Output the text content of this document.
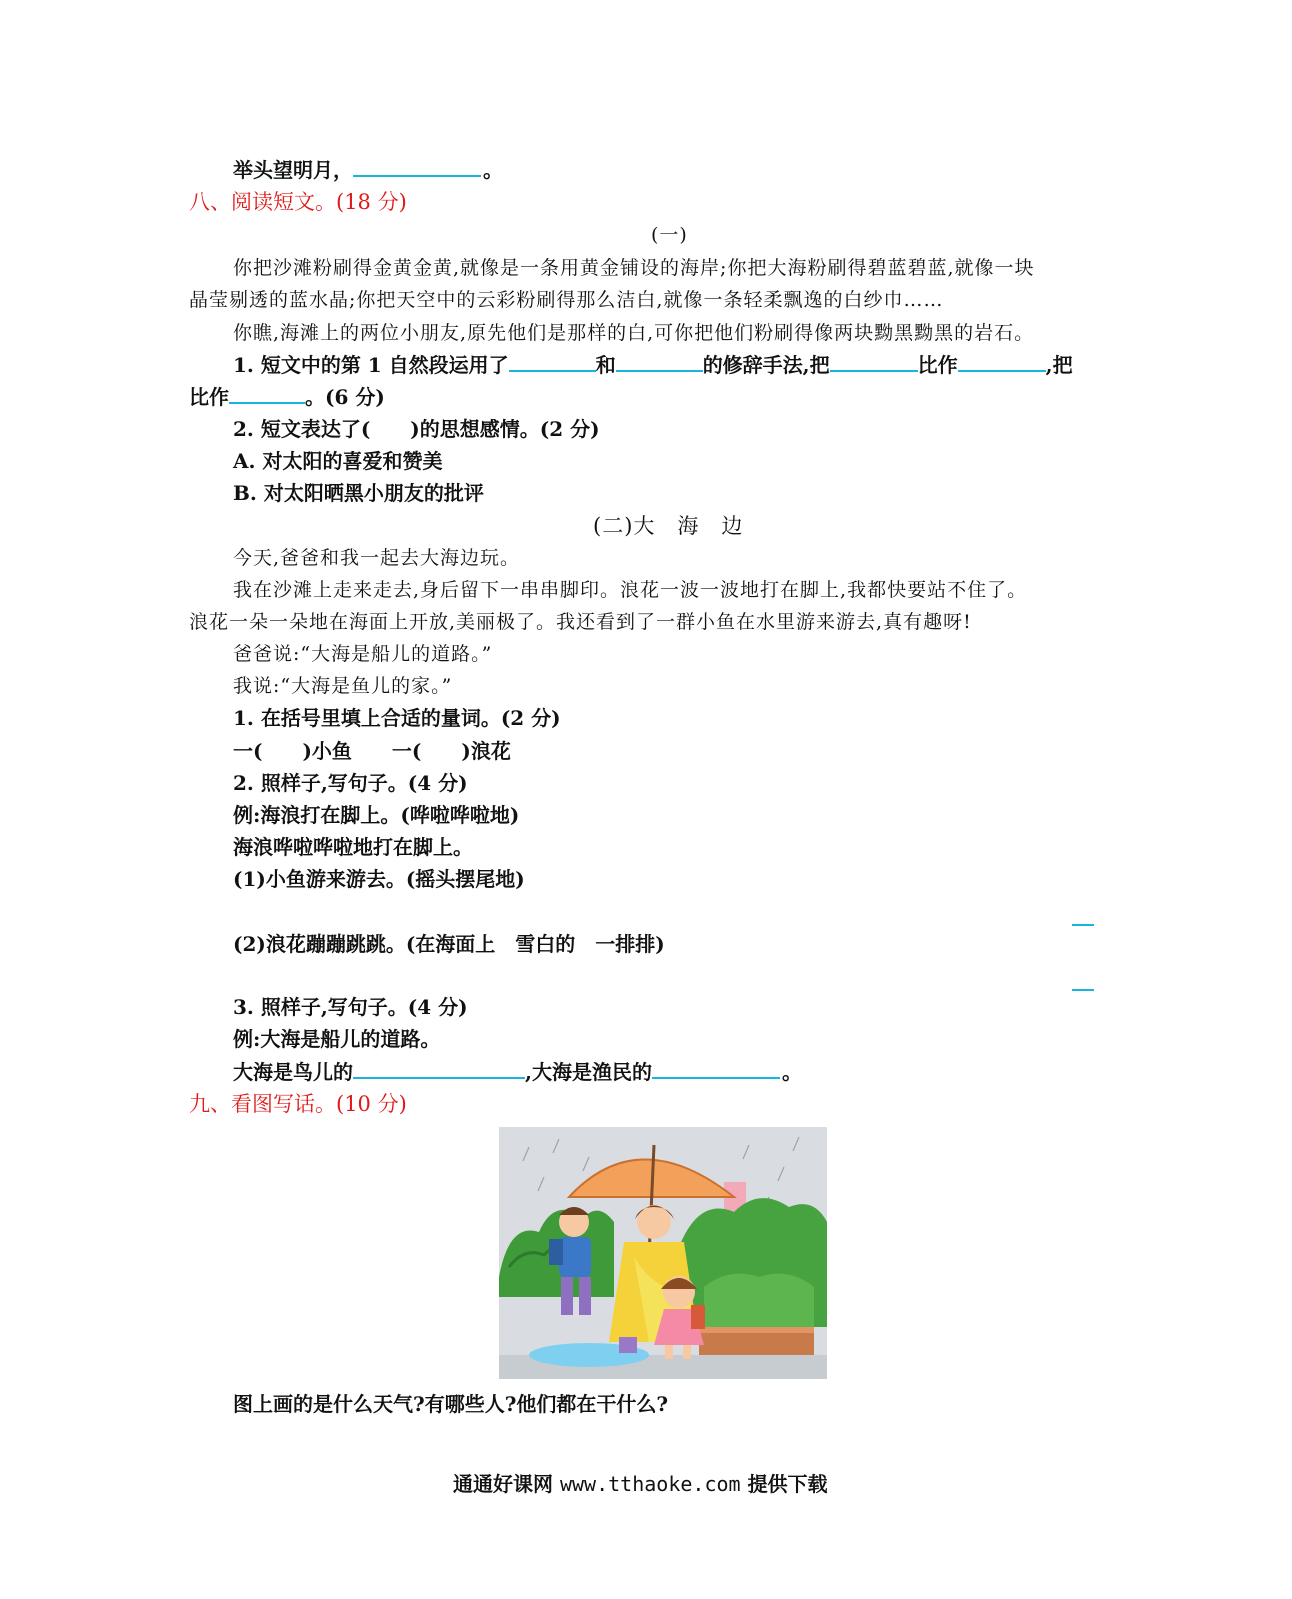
举头望明月，	。
八、阅读短文。(18 分)
(一)
你把沙滩粉刷得金黄金黄,就像是一条用黄金铺设的海岸;你把大海粉刷得碧蓝碧蓝,就像一块
晶莹剔透的蓝水晶;你把天空中的云彩粉刷得那么洁白,就像一条轻柔飘逸的白纱巾……
你瞧,海滩上的两位小朋友,原先他们是那样的白,可你把他们粉刷得像两块黝黑黝黑的岩石。
1. 短文中的第 1 自然段运用了	和	的修辞手法,把	比作	,把
比作	。(6 分)
2. 短文表达了(　　)的思想感情。(2 分)
A. 对太阳的喜爱和赞美
B. 对太阳晒黑小朋友的批评
(二)大　海　边
今天,爸爸和我一起去大海边玩。
我在沙滩上走来走去,身后留下一串串脚印。浪花一波一波地打在脚上,我都快要站不住了。
浪花一朵一朵地在海面上开放,美丽极了。我还看到了一群小鱼在水里游来游去,真有趣呀!
爸爸说:“大海是船儿的道路。”
我说:“大海是鱼儿的家。”
1. 在括号里填上合适的量词。(2 分)
一(　　)小鱼　　一(　　)浪花
2. 照样子,写句子。(4 分)
例:海浪打在脚上。(哗啦哗啦地)
海浪哗啦哗啦地打在脚上。
(1)小鱼游来游去。(摇头摆尾地)
(2)浪花蹦蹦跳跳。(在海面上　雪白的　一排排)
3. 照样子,写句子。(4 分)
例:大海是船儿的道路。
大海是鸟儿的	,大海是渔民的	。
九、看图写话。(10 分)
图上画的是什么天气?有哪些人?他们都在干什么?
通通好课网 www.tthaoke.com 提供下载
